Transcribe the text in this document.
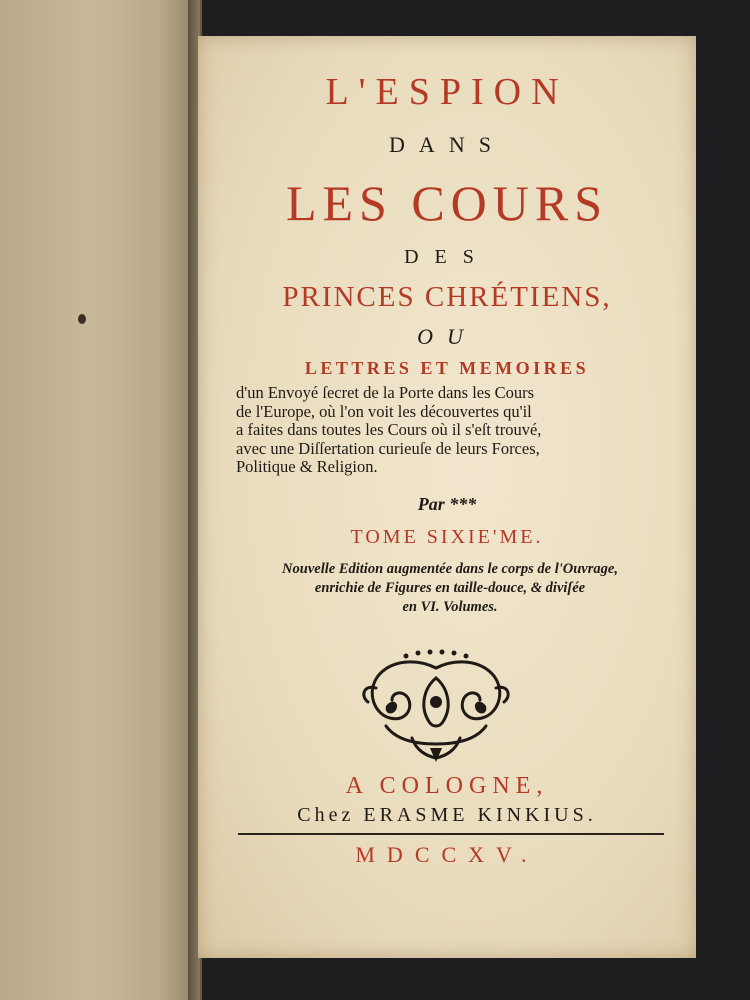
L'ESPION
DANS
LES COURS
DES
PRINCES CHRÉTIENS,
OU
LETTRES ET MEMOIRES
d'un Envoyé ſecret de la Porte dans les Cours
de l'Europe, où l'on voit les découvertes qu'il
a faites dans toutes les Cours où il s'eſt trouvé,
avec une Diſſertation curieuſe de leurs Forces,
Politique & Religion.
Par ***
TOME SIXIE'ME.
Nouvelle Edition augmentée dans le corps de l'Ouvrage,
enrichie de Figures en taille-douce, & diviſée
en VI. Volumes.
A COLOGNE,
Chez ERASME KINKIUS.
MDCCXV.
